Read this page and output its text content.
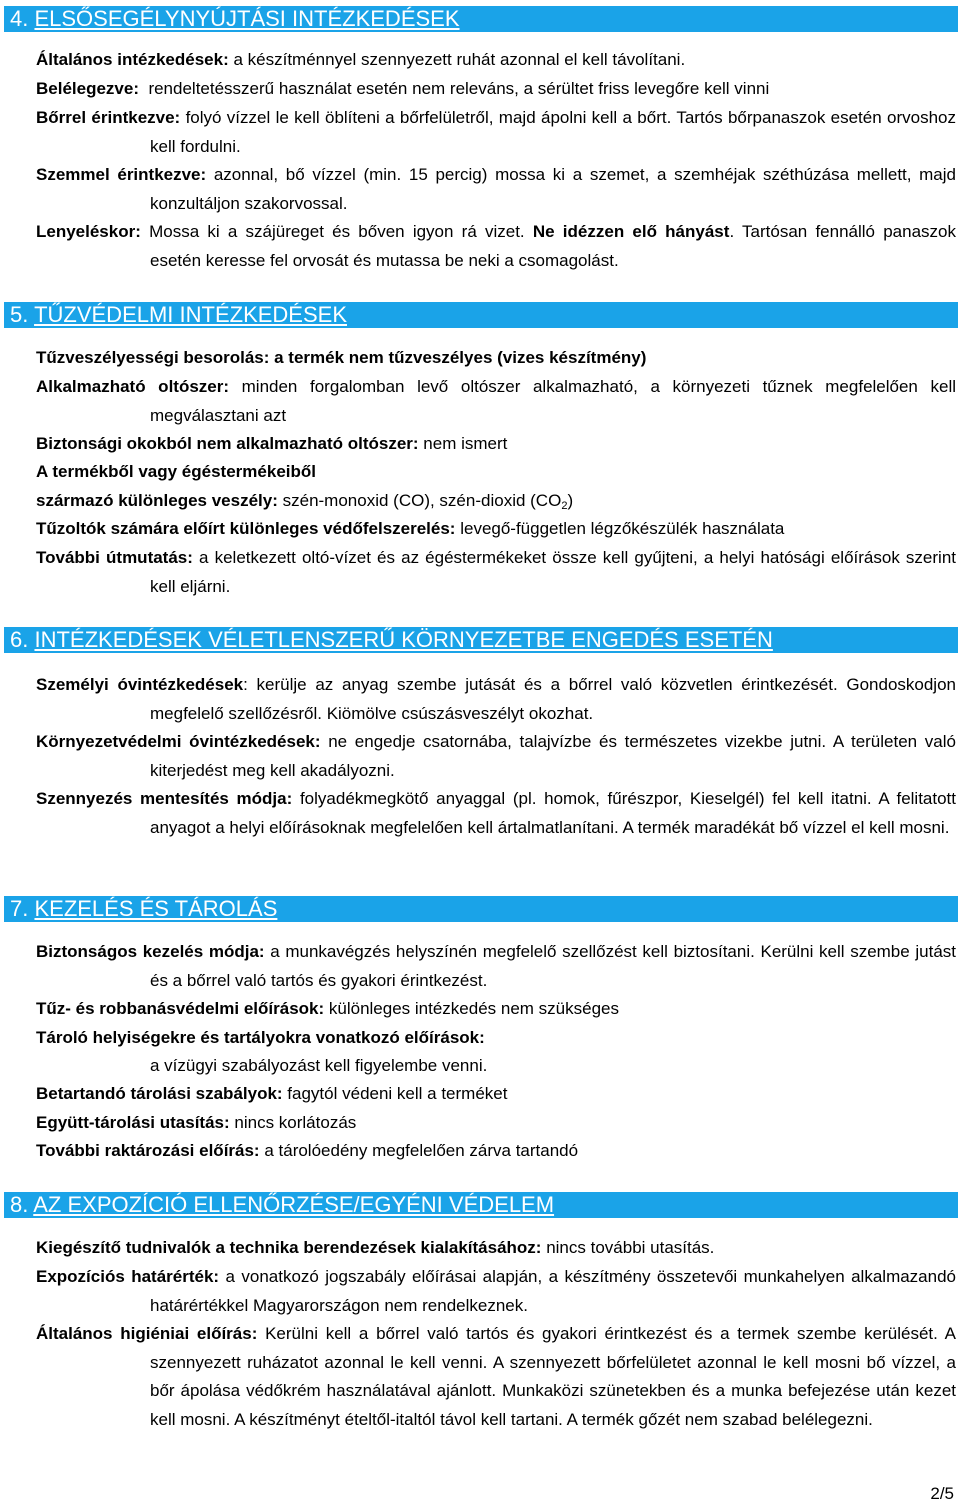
4. ELSŐSEGÉLYNYÚJTÁSI INTÉZKEDÉSEK
Általános intézkedések: a készítménnyel szennyezett ruhát azonnal el kell távolítani.
Belélegezve:  rendeltetésszerű használat esetén nem releváns, a sérültet friss levegőre kell vinni
Bőrrel érintkezve: folyó vízzel le kell öblíteni a bőrfelületről, majd ápolni kell a bőrt. Tartós bőrpanaszok esetén orvoshoz kell fordulni.
Szemmel érintkezve: azonnal, bő vízzel (min. 15 percig) mossa ki a szemet, a szemhéjak széthúzása mellett, majd konzultáljon szakorvossal.
Lenyeléskor: Mossa ki a szájüreget és bőven igyon rá vizet. Ne idézzen elő hányást. Tartósan fennálló panaszok esetén keresse fel orvosát és mutassa be neki a csomagolást.
5. TŰZVÉDELMI INTÉZKEDÉSEK
Tűzveszélyességi besorolás: a termék nem tűzveszélyes (vizes készítmény)
Alkalmazható oltószer: minden forgalomban levő oltószer alkalmazható, a környezeti tűznek megfelelően kell megválasztani azt
Biztonsági okokból nem alkalmazható oltószer: nem ismert
A termékből vagy égéstermékeiből
származó különleges veszély: szén-monoxid (CO), szén-dioxid $(CO_2)$
Tűzoltók számára előírt különleges védőfelszerelés: levegő-független légzőkészülék használata
További útmutatás: a keletkezett oltó-vízet és az égéstermékeket össze kell gyűjteni, a helyi hatósági előírások szerint kell eljárni.
6. INTÉZKEDÉSEK VÉLETLENSZERŰ KÖRNYEZETBE ENGEDÉS ESETÉN
Személyi óvintézkedések: kerülje az anyag szembe jutását és a bőrrel való közvetlen érintkezését. Gondoskodjon megfelelő szellőzésről. Kiömölve csúszásveszélyt okozhat.
Környezetvédelmi óvintézkedések: ne engedje csatornába, talajvízbe és természetes vizekbe jutni. A területen való kiterjedést meg kell akadályozni.
Szennyezés mentesítés módja: folyadékmegkötő anyaggal (pl. homok, fűrészpor, Kieselgél) fel kell itatni. A felitatott anyagot a helyi előírásoknak megfelelően kell ártalmatlanítani. A termék maradékát bő vízzel el kell mosni.
7. KEZELÉS ÉS TÁROLÁS
Biztonságos kezelés módja: a munkavégzés helyszínén megfelelő szellőzést kell biztosítani. Kerülni kell szembe jutást és a bőrrel való tartós és gyakori érintkezést.
Tűz- és robbanásvédelmi előírások: különleges intézkedés nem szükséges
Tároló helyiségekre és tartályokra vonatkozó előírások:
a vízügyi szabályozást kell figyelembe venni.
Betartandó tárolási szabályok: fagytól védeni kell a terméket
Együtt-tárolási utasítás: nincs korlátozás
További raktározási előírás: a tárolóedény megfelelően zárva tartandó
8. AZ EXPOZÍCIÓ ELLENŐRZÉSE/EGYÉNI VÉDELEM
Kiegészítő tudnivalók a technika berendezések kialakításához: nincs további utasítás.
Expozíciós határérték: a vonatkozó jogszabály előírásai alapján, a készítmény összetevői munkahelyen alkalmazandó határértékkel Magyarországon nem rendelkeznek.
Általános higiéniai előírás: Kerülni kell a bőrrel való tartós és gyakori érintkezést és a termek szembe kerülését. A szennyezett ruházatot azonnal le kell venni. A szennyezett bőrfelületet azonnal le kell mosni bő vízzel, a bőr ápolása védőkrém használatával ajánlott. Munkaközi szünetekben és a munka befejezése után kezet kell mosni. A készítményt ételtől-italtól távol kell tartani. A termék gőzét nem szabad belélegezni.
2/5
